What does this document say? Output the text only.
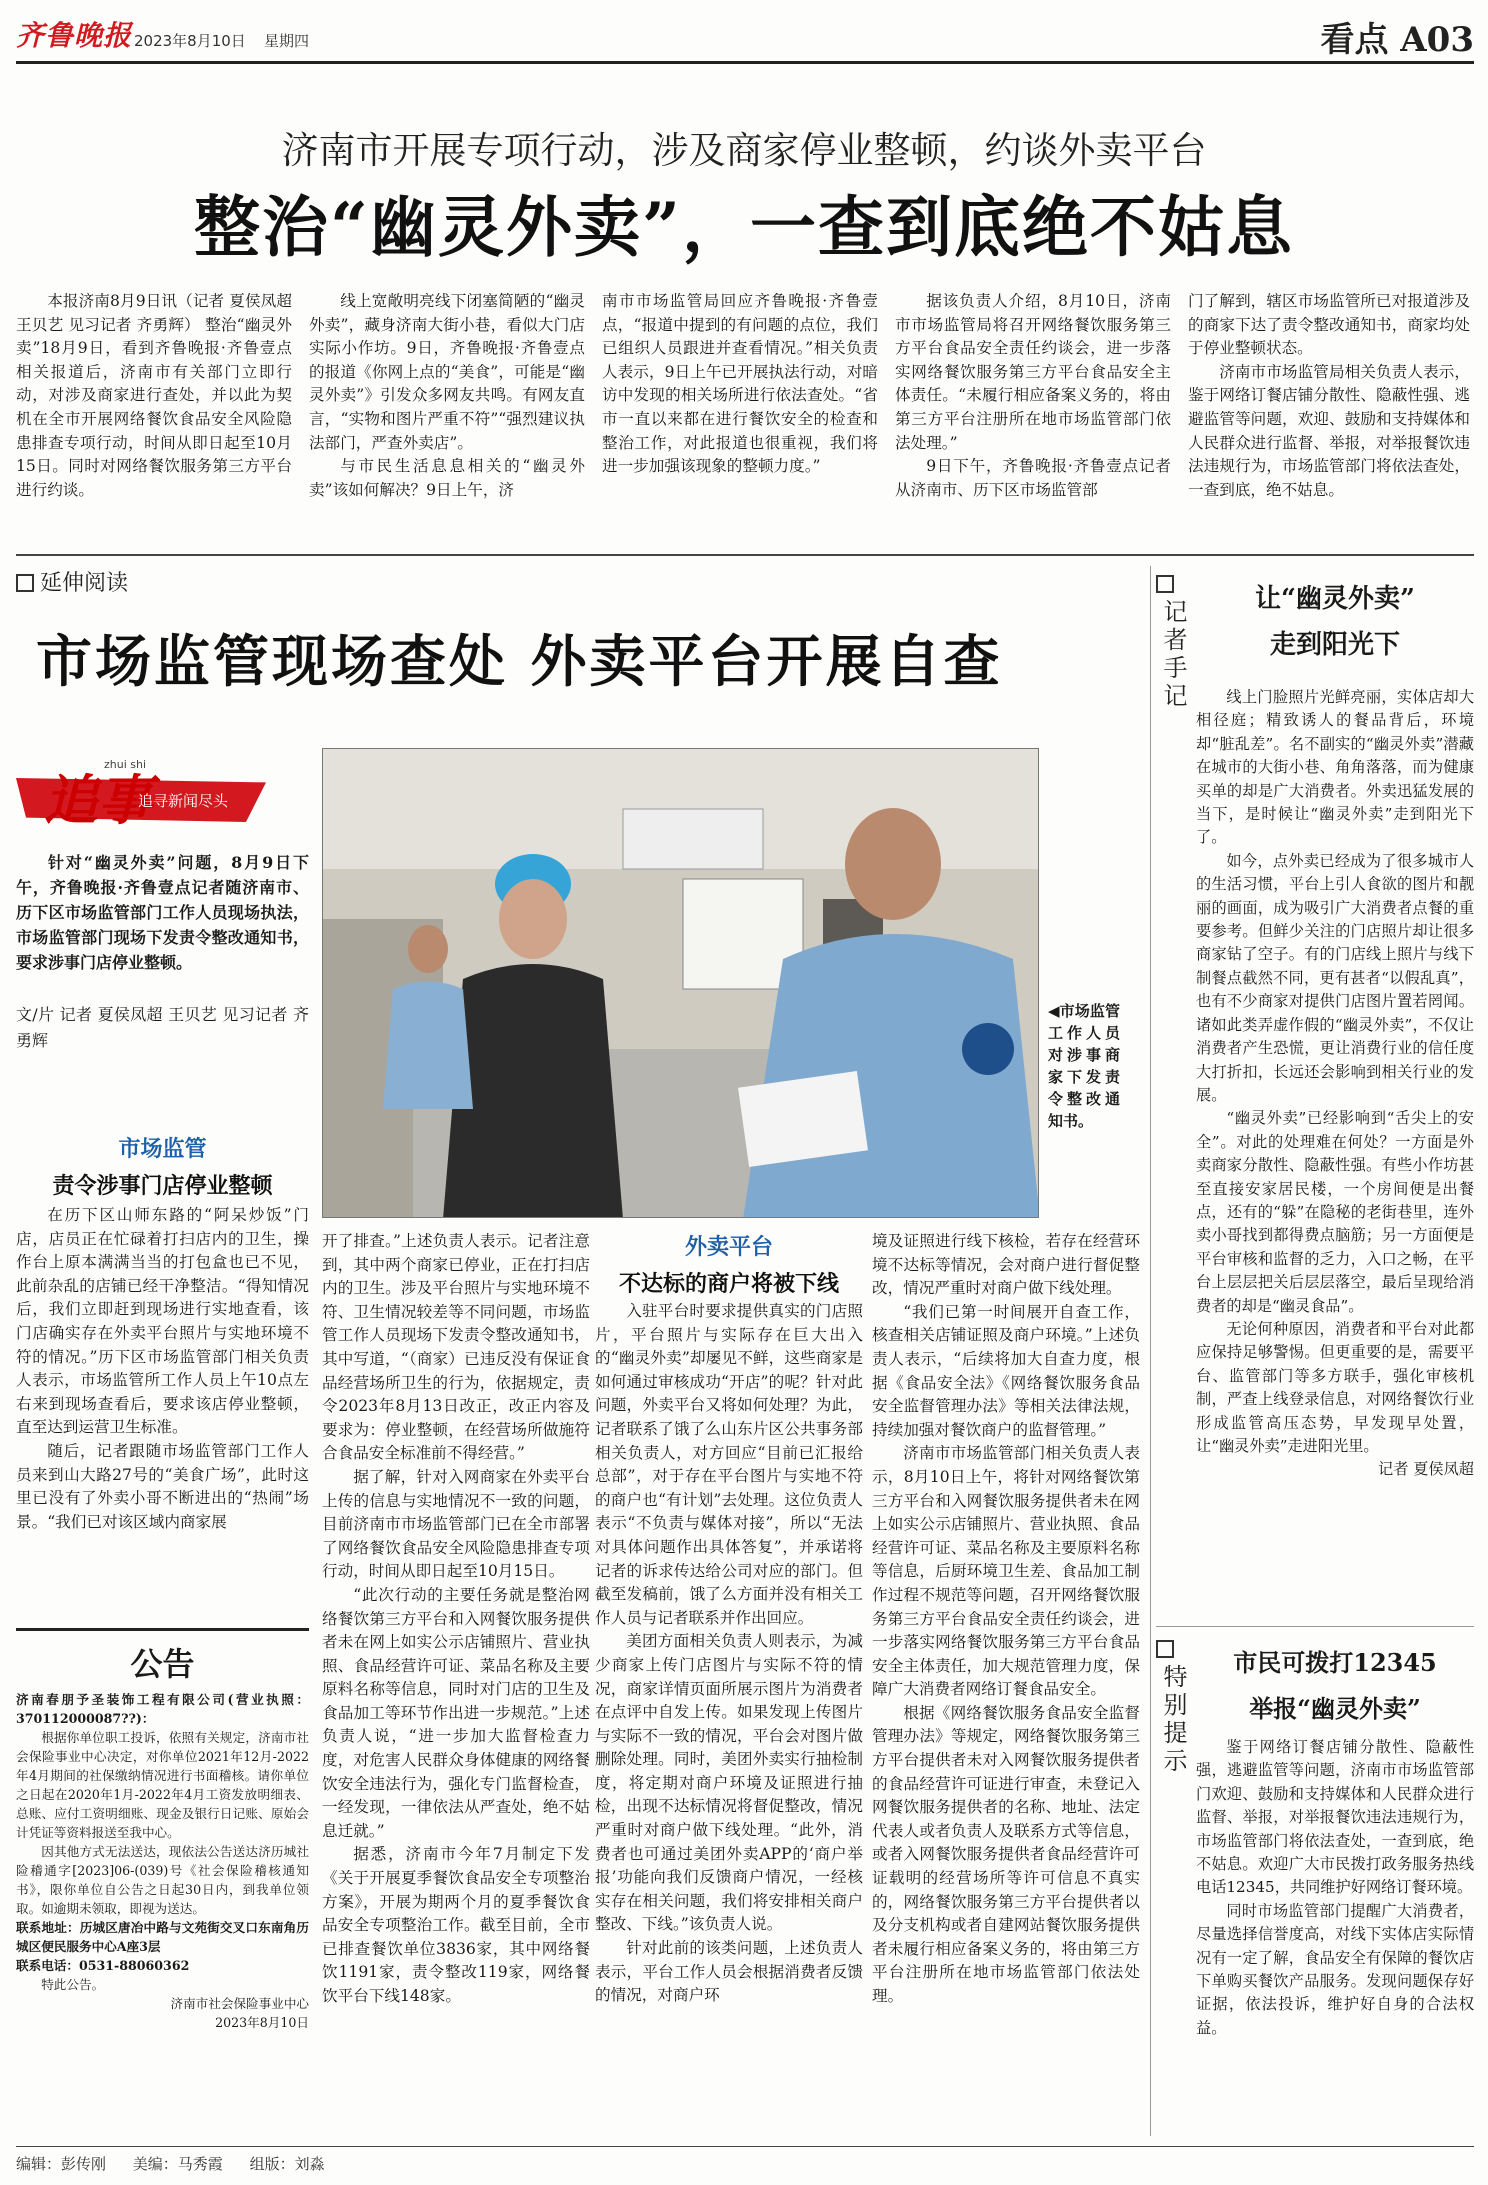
齐鲁晚报 2023年8月10日 星期四	看点 A03
济南市开展专项行动，涉及商家停业整顿，约谈外卖平台
整治“幽灵外卖”，一查到底绝不姑息

本报济南8月9日讯（记者 夏侯凤超 王贝艺 见习记者 齐勇辉） 整治“幽灵外卖”18月9日，看到齐鲁晚报·齐鲁壹点相关报道后，济南市有关部门立即行动，对涉及商家进行查处，并以此为契机在全市开展网络餐饮食品安全风险隐患排查专项行动，时间从即日起至10月15日。同时对网络餐饮服务第三方平台进行约谈。

线上宽敞明亮线下闭塞简陋的“幽灵外卖”，藏身济南大街小巷，看似大门店实际小作坊。9日，齐鲁晚报·齐鲁壹点的报道《你网上点的“美食”，可能是“幽灵外卖”》引发众多网友共鸣。有网友直言，“实物和图片严重不符”“强烈建议执法部门，严查外卖店”。

与市民生活息息相关的“幽灵外卖”该如何解决？9日上午，济

南市市场监管局回应齐鲁晚报·齐鲁壹点，“报道中提到的有问题的点位，我们已组织人员跟进并查看情况。”相关负责人表示，9日上午已开展执法行动，对暗访中发现的相关场所进行依法查处。“省市一直以来都在进行餐饮安全的检查和整治工作，对此报道也很重视，我们将进一步加强该现象的整顿力度。”

据该负责人介绍，8月10日，济南市市场监管局将召开网络餐饮服务第三方平台食品安全责任约谈会，进一步落实网络餐饮服务第三方平台食品安全主体责任。“未履行相应备案义务的，将由第三方平台注册所在地市场监管部门依法处理。”

9日下午，齐鲁晚报·齐鲁壹点记者从济南市、历下区市场监管部

门了解到，辖区市场监管所已对报道涉及的商家下达了责令整改通知书，商家均处于停业整顿状态。

济南市市场监管局相关负责人表示，鉴于网络订餐店铺分散性、隐蔽性强、逃避监管等问题，欢迎、鼓励和支持媒体和人民群众进行监督、举报，对举报餐饮违法违规行为，市场监管部门将依法查处，一查到底，绝不姑息。

延伸阅读
市场监管现场查处 外卖平台开展自查
追事
zhui shi
追寻新闻尽头

针对“幽灵外卖”问题，8月9日下午，齐鲁晚报·齐鲁壹点记者随济南市、历下区市场监管部门工作人员现场执法，市场监管部门现场下发责令整改通知书，要求涉事门店停业整顿。

文/片 记者 夏侯凤超 王贝艺 见习记者 齐勇辉

◀市场监管工作人员对涉事商家下发责令整改通知书。
市场监管
责令涉事门店停业整顿

在历下区山师东路的“阿呆炒饭”门店，店员正在忙碌着打扫店内的卫生，操作台上原本满满当当的打包盒也已不见，此前杂乱的店铺已经干净整洁。“得知情况后，我们立即赶到现场进行实地查看，该门店确实存在外卖平台照片与实地环境不符的情况。”历下区市场监管部门相关负责人表示，市场监管所工作人员上午10点左右来到现场查看后，要求该店停业整顿，直至达到运营卫生标准。

随后，记者跟随市场监管部门工作人员来到山大路27号的“美食广场”，此时这里已没有了外卖小哥不断进出的“热闹”场景。“我们已对该区域内商家展

开了排查。”上述负责人表示。记者注意到，其中两个商家已停业，正在打扫店内的卫生。涉及平台照片与实地环境不符、卫生情况较差等不同问题，市场监管工作人员现场下发责令整改通知书，其中写道，“（商家）已违反没有保证食品经营场所卫生的行为，依据规定，责令2023年8月13日改正，改正内容及要求为：停业整顿，在经营场所做施符合食品安全标准前不得经营。”

据了解，针对入网商家在外卖平台上传的信息与实地情况不一致的问题，目前济南市市场监管部门已在全市部署了网络餐饮食品安全风险隐患排查专项行动，时间从即日起至10月15日。

“此次行动的主要任务就是整治网络餐饮第三方平台和入网餐饮服务提供者未在网上如实公示店铺照片、营业执照、食品经营许可证、菜品名称及主要原料名称等信息，同时对门店的卫生及食品加工等环节作出进一步规范。”上述负责人说，“进一步加大监督检查力度，对危害人民群众身体健康的网络餐饮安全违法行为，强化专门监督检查，一经发现，一律依法从严查处，绝不姑息迁就。”

据悉，济南市今年7月制定下发《关于开展夏季餐饮食品安全专项整治方案》，开展为期两个月的夏季餐饮食品安全专项整治工作。截至目前，全市已排查餐饮单位3836家，其中网络餐饮1191家，责令整改119家，网络餐饮平台下线148家。

外卖平台
不达标的商户将被下线

入驻平台时要求提供真实的门店照片，平台照片与实际存在巨大出入的“幽灵外卖”却屡见不鲜，这些商家是如何通过审核成功“开店”的呢？针对此问题，外卖平台又将如何处理？为此，记者联系了饿了么山东片区公共事务部相关负责人，对方回应“目前已汇报给总部”，对于存在平台图片与实地不符的商户也“有计划”去处理。这位负责人表示“不负责与媒体对接”，所以“无法对具体问题作出具体答复”，并承诺将记者的诉求传达给公司对应的部门。但截至发稿前，饿了么方面并没有相关工作人员与记者联系并作出回应。

美团方面相关负责人则表示，为减少商家上传门店图片与实际不符的情况，商家详情页面所展示图片为消费者在点评中自发上传。如果发现上传图片与实际不一致的情况，平台会对图片做删除处理。同时，美团外卖实行抽检制度，将定期对商户环境及证照进行抽检，出现不达标情况将督促整改，情况严重时对商户做下线处理。“此外，消费者也可通过美团外卖APP的‘商户举报’功能向我们反馈商户情况，一经核实存在相关问题，我们将安排相关商户整改、下线。”该负责人说。

针对此前的该类问题，上述负责人表示，平台工作人员会根据消费者反馈的情况，对商户环

境及证照进行线下核检，若存在经营环境不达标等情况，会对商户进行督促整改，情况严重时对商户做下线处理。

“我们已第一时间展开自查工作，核查相关店铺证照及商户环境。”上述负责人表示，“后续将加大自查力度，根据《食品安全法》《网络餐饮服务食品安全监督管理办法》等相关法律法规，持续加强对餐饮商户的监督管理。”

济南市市场监管部门相关负责人表示，8月10日上午，将针对网络餐饮第三方平台和入网餐饮服务提供者未在网上如实公示店铺照片、营业执照、食品经营许可证、菜品名称及主要原料名称等信息，后厨环境卫生差、食品加工制作过程不规范等问题，召开网络餐饮服务第三方平台食品安全责任约谈会，进一步落实网络餐饮服务第三方平台食品安全主体责任，加大规范管理力度，保障广大消费者网络订餐食品安全。

根据《网络餐饮服务食品安全监督管理办法》等规定，网络餐饮服务第三方平台提供者未对入网餐饮服务提供者的食品经营许可证进行审查，未登记入网餐饮服务提供者的名称、地址、法定代表人或者负责人及联系方式等信息，或者入网餐饮服务提供者食品经营许可证载明的经营场所等许可信息不真实的，网络餐饮服务第三方平台提供者以及分支机构或者自建网站餐饮服务提供者未履行相应备案义务的，将由第三方平台注册所在地市场监管部门依法处理。

记者手记	让“幽灵外卖”
走到阳光下

线上门脸照片光鲜亮丽，实体店却大相径庭；精致诱人的餐品背后，环境却“脏乱差”。名不副实的“幽灵外卖”潜藏在城市的大街小巷、角角落落，而为健康买单的却是广大消费者。外卖迅猛发展的当下，是时候让“幽灵外卖”走到阳光下了。

如今，点外卖已经成为了很多城市人的生活习惯，平台上引人食欲的图片和靓丽的画面，成为吸引广大消费者点餐的重要参考。但鲜少关注的门店照片却让很多商家钻了空子。有的门店线上照片与线下制餐点截然不同，更有甚者“以假乱真”，也有不少商家对提供门店图片置若罔闻。诸如此类弄虚作假的“幽灵外卖”，不仅让消费者产生恐慌，更让消费行业的信任度大打折扣，长远还会影响到相关行业的发展。

“幽灵外卖”已经影响到“舌尖上的安全”。对此的处理难在何处？一方面是外卖商家分散性、隐蔽性强。有些小作坊甚至直接安家居民楼，一个房间便是出餐点，还有的“躲”在隐秘的老街巷里，连外卖小哥找到都得费点脑筋；另一方面便是平台审核和监督的乏力，入口之畅，在平台上层层把关后层层落空，最后呈现给消费者的却是“幽灵食品”。

无论何种原因，消费者和平台对此都应保持足够警惕。但更重要的是，需要平台、监管部门等多方联手，强化审核机制，严查上线登录信息，对网络餐饮行业形成监管高压态势，早发现早处置，让“幽灵外卖”走进阳光里。

记者 夏侯凤超

特别提示
市民可拨打12345
举报“幽灵外卖”

鉴于网络订餐店铺分散性、隐蔽性强，逃避监管等问题，济南市市场监管部门欢迎、鼓励和支持媒体和人民群众进行监督、举报，对举报餐饮违法违规行为，市场监管部门将依法查处，一查到底，绝不姑息。欢迎广大市民拨打政务服务热线电话12345，共同维护好网络订餐环境。

同时市场监管部门提醒广大消费者，尽量选择信誉度高，对线下实体店实际情况有一定了解，食品安全有保障的餐饮店下单购买餐饮产品服务。发现问题保存好证据，依法投诉，维护好自身的合法权益。

公告

济南春朋予圣装饰工程有限公司(营业执照：370112000087??)：

根据你单位职工投诉，依照有关规定，济南市社会保险事业中心决定，对你单位2021年12月-2022年4月期间的社保缴纳情况进行书面稽核。请你单位之日起在2020年1月-2022年4月工资发放明细表、总账、应付工资明细账、现金及银行日记账、原始会计凭证等资料报送至我中心。

因其他方式无法送达，现依法公告送达济历城社险稽通字[2023]06-(039)号《社会保险稽核通知书》，限你单位自公告之日起30日内，到我单位领取。如逾期未领取，即视为送达。

联系地址：历城区唐冶中路与文苑街交叉口东南角历城区便民服务中心A座3层

联系电话：0531-88060362

特此公告。

济南市社会保险事业中心

2023年8月10日

编辑：彭传刚 美编：马秀霞 组版：刘淼
